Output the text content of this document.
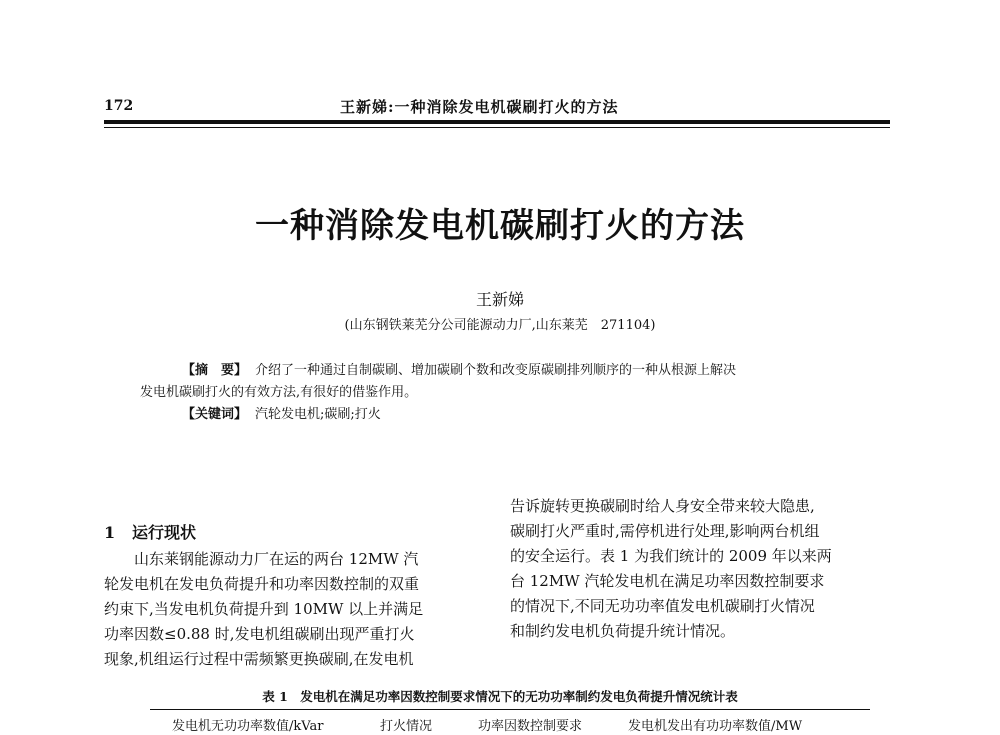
172	王新娣:一种消除发电机碳刷打火的方法
一种消除发电机碳刷打火的方法
王新娣
(山东钢铁莱芜分公司能源动力厂,山东莱芜　271104)
【摘　要】 介绍了一种通过自制碳刷、增加碳刷个数和改变原碳刷排列顺序的一种从根源上解决
发电机碳刷打火的有效方法,有很好的借鉴作用。
【关键词】 汽轮发电机;碳刷;打火
1 运行现状
山东莱钢能源动力厂在运的两台 12MW 汽
轮发电机在发电负荷提升和功率因数控制的双重
约束下,当发电机负荷提升到 10MW 以上并满足
功率因数≤0.88 时,发电机组碳刷出现严重打火
现象,机组运行过程中需频繁更换碳刷,在发电机
告诉旋转更换碳刷时给人身安全带来较大隐患,
碳刷打火严重时,需停机进行处理,影响两台机组
的安全运行。表 1 为我们统计的 2009 年以来两
台 12MW 汽轮发电机在满足功率因数控制要求
的情况下,不同无功功率值发电机碳刷打火情况
和制约发电机负荷提升统计情况。
表 1　发电机在满足功率因数控制要求情况下的无功功率制约发电负荷提升情况统计表
发电机无功功率数值/kVar	打火情况	功率因数控制要求	发电机发出有功功率数值/MW
